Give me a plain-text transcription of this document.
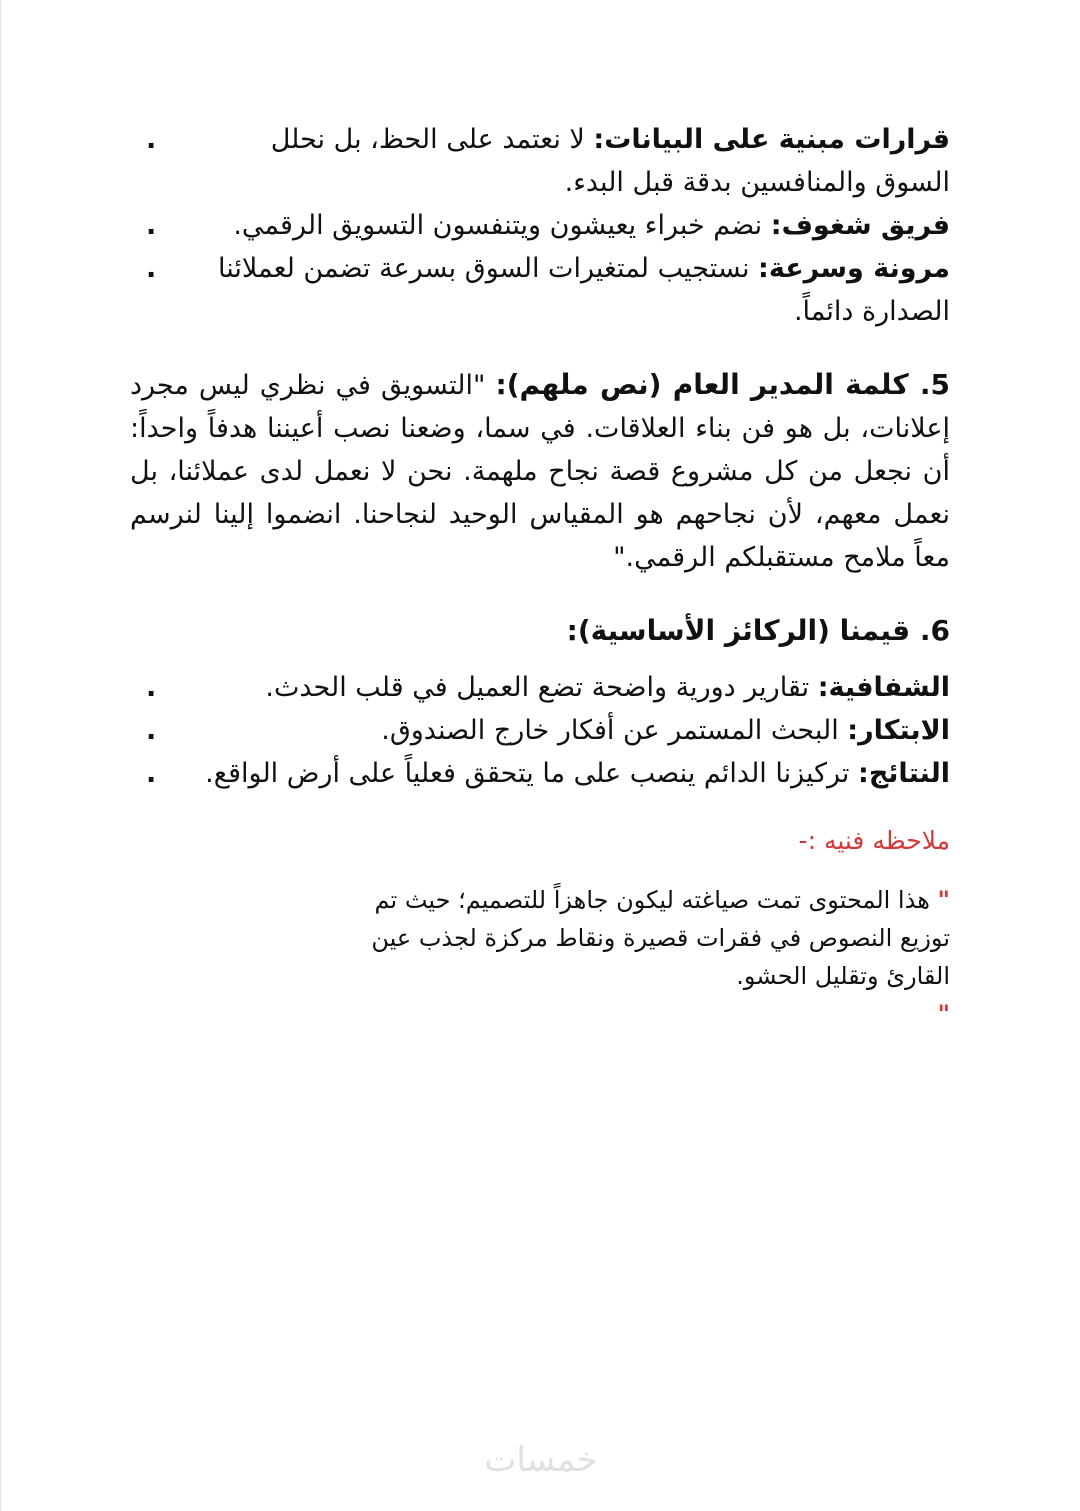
قرارات مبنية على البيانات: لا نعتمد على الحظ، بل نحلل السوق والمنافسين بدقة قبل البدء.
.
فريق شغوف: نضم خبراء يعيشون ويتنفسون التسويق الرقمي.
.
مرونة وسرعة: نستجيب لمتغيرات السوق بسرعة تضمن لعملائنا الصدارة دائماً.
.

5. كلمة المدير العام (نص ملهم): "التسويق في نظري ليس مجرد إعلانات، بل هو فن بناء العلاقات. في سما، وضعنا نصب أعيننا هدفاً واحداً: أن نجعل من كل مشروع قصة نجاح ملهمة. نحن لا نعمل لدى عملائنا، بل نعمل معهم، لأن نجاحهم هو المقياس الوحيد لنجاحنا. انضموا إلينا لنرسم معاً ملامح مستقبلكم الرقمي."

6. قيمنا (الركائز الأساسية):
الشفافية: تقارير دورية واضحة تضع العميل في قلب الحدث.
.
الابتكار: البحث المستمر عن أفكار خارج الصندوق.
.
النتائج: تركيزنا الدائم ينصب على ما يتحقق فعلياً على أرض الواقع.
.

ملاحظه فنيه :-

" هذا المحتوى تمت صياغته ليكون جاهزاً للتصميم؛ حيث تم توزيع النصوص في فقرات قصيرة ونقاط مركزة لجذب عين القارئ وتقليل الحشو.
"

خمسات
